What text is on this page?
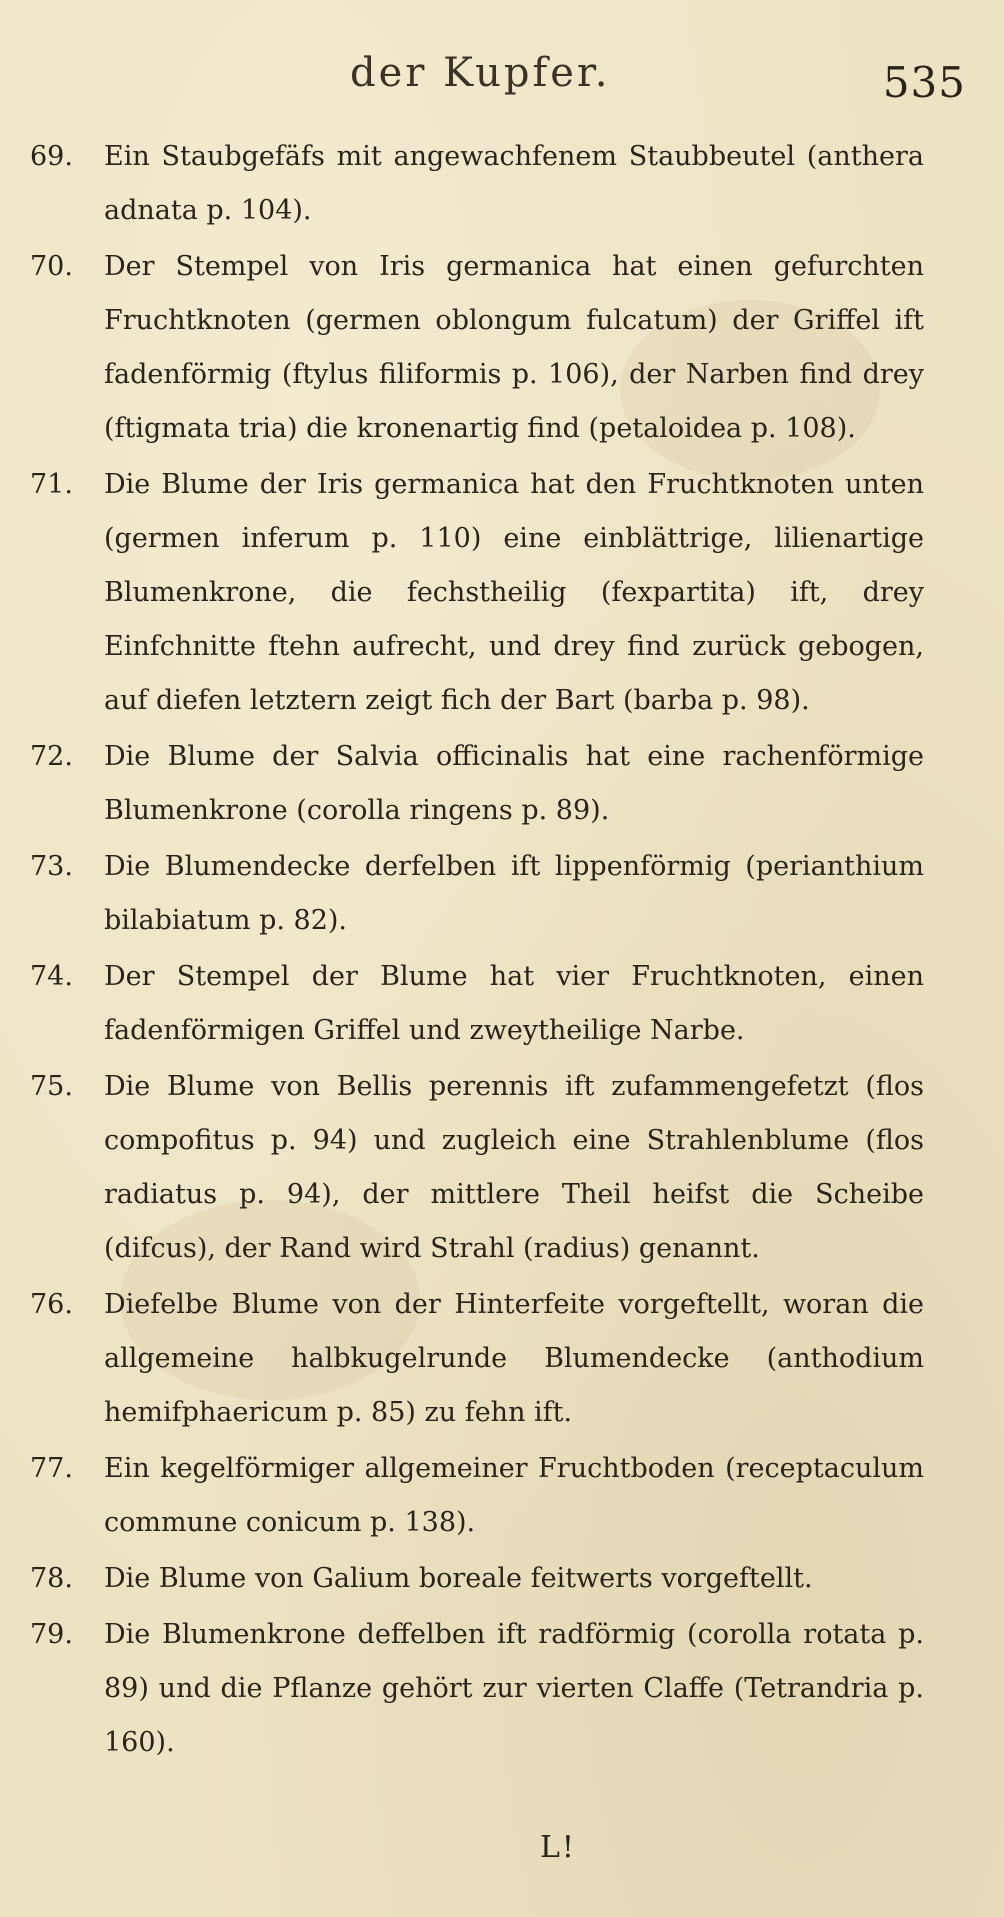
der Kupfer.	535
69. Ein Staubgefäfs mit angewachfenem Staubbeutel (anthera adnata p. 104).
70. Der Stempel von Iris germanica hat einen gefurchten Fruchtknoten (germen oblongum fulcatum) der Griffel ift fadenförmig (ftylus filiformis p. 106), der Narben find drey (ftigmata tria) die kronenartig find (petaloidea p. 108).
71. Die Blume der Iris germanica hat den Fruchtknoten unten (germen inferum p. 110) eine einblättrige, lilienartige Blumenkrone, die fechstheilig (fexpartita) ift, drey Einfchnitte ftehn aufrecht, und drey find zurück gebogen, auf diefen letztern zeigt fich der Bart (barba p. 98).
72. Die Blume der Salvia officinalis hat eine rachenförmige Blumenkrone (corolla ringens p. 89).
73. Die Blumendecke derfelben ift lippenförmig (perianthium bilabiatum p. 82).
74. Der Stempel der Blume hat vier Fruchtknoten, einen fadenförmigen Griffel und zweytheilige Narbe.
75. Die Blume von Bellis perennis ift zufammengefetzt (flos compofitus p. 94) und zugleich eine Strahlenblume (flos radiatus p. 94), der mittlere Theil heifst die Scheibe (difcus), der Rand wird Strahl (radius) genannt.
76. Diefelbe Blume von der Hinterfeite vorgeftellt, woran die allgemeine halbkugelrunde Blumendecke (anthodium hemifphaericum p. 85) zu fehn ift.
77. Ein kegelförmiger allgemeiner Fruchtboden (receptaculum commune conicum p. 138).
78. Die Blume von Galium boreale feitwerts vorgeftellt.
79. Die Blumenkrone deffelben ift radförmig (corolla rotata p. 89) und die Pflanze gehört zur vierten Claffe (Tetrandria p. 160).
L!
